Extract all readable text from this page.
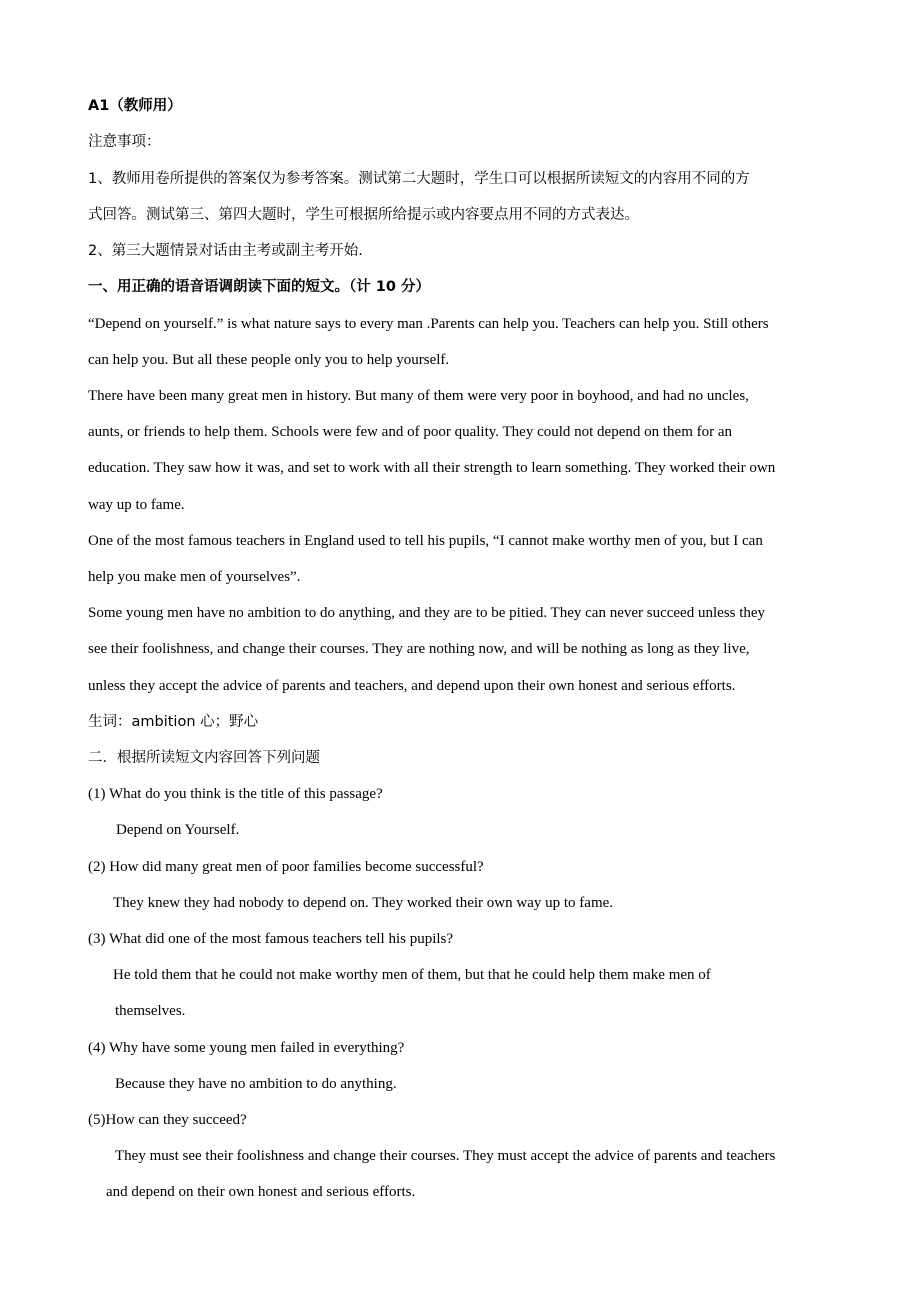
A1（教师用）
注意事项：
1、教师用卷所提供的答案仅为参考答案。测试第二大题时，学生口可以根据所读短文的内容用不同的方
式回答。测试第三、第四大题时，学生可根据所给提示或内容要点用不同的方式表达。
2、第三大题情景对话由主考或副主考开始.
一、用正确的语音语调朗读下面的短文。（计 10 分）
“Depend on yourself.” is what nature says to every man .Parents can help you. Teachers can help you. Still others
can help you. But all these people only you to help yourself.
There have been many great men in history. But many of them were very poor in boyhood, and had no uncles,
aunts, or friends to help them. Schools were few and of poor quality. They could not depend on them for an
education. They saw how it was, and set to work with all their strength to learn something. They worked their own
way up to fame.
One of the most famous teachers in England used to tell his pupils, “I cannot make worthy men of you, but I can
help you make men of yourselves”.
Some young men have no ambition to do anything, and they are to be pitied. They can never succeed unless they
see their foolishness, and change their courses. They are nothing now, and will be nothing as long as they live,
unless they accept the advice of parents and teachers, and depend upon their own honest and serious efforts.
生词：ambition 心；野心
二．根据所读短文内容回答下列问题
(1) What do you think is the title of this passage?
Depend on Yourself.
(2) How did many great men of poor families become successful?
They knew they had nobody to depend on. They worked their own way up to fame.
(3) What did one of the most famous teachers tell his pupils?
He told them that he could not make worthy men of them, but that he could help them make men of
themselves.
(4) Why have some young men failed in everything?
Because they have no ambition to do anything.
(5)How can they succeed?
They must see their foolishness and change their courses. They must accept the advice of parents and teachers
and depend on their own honest and serious efforts.
